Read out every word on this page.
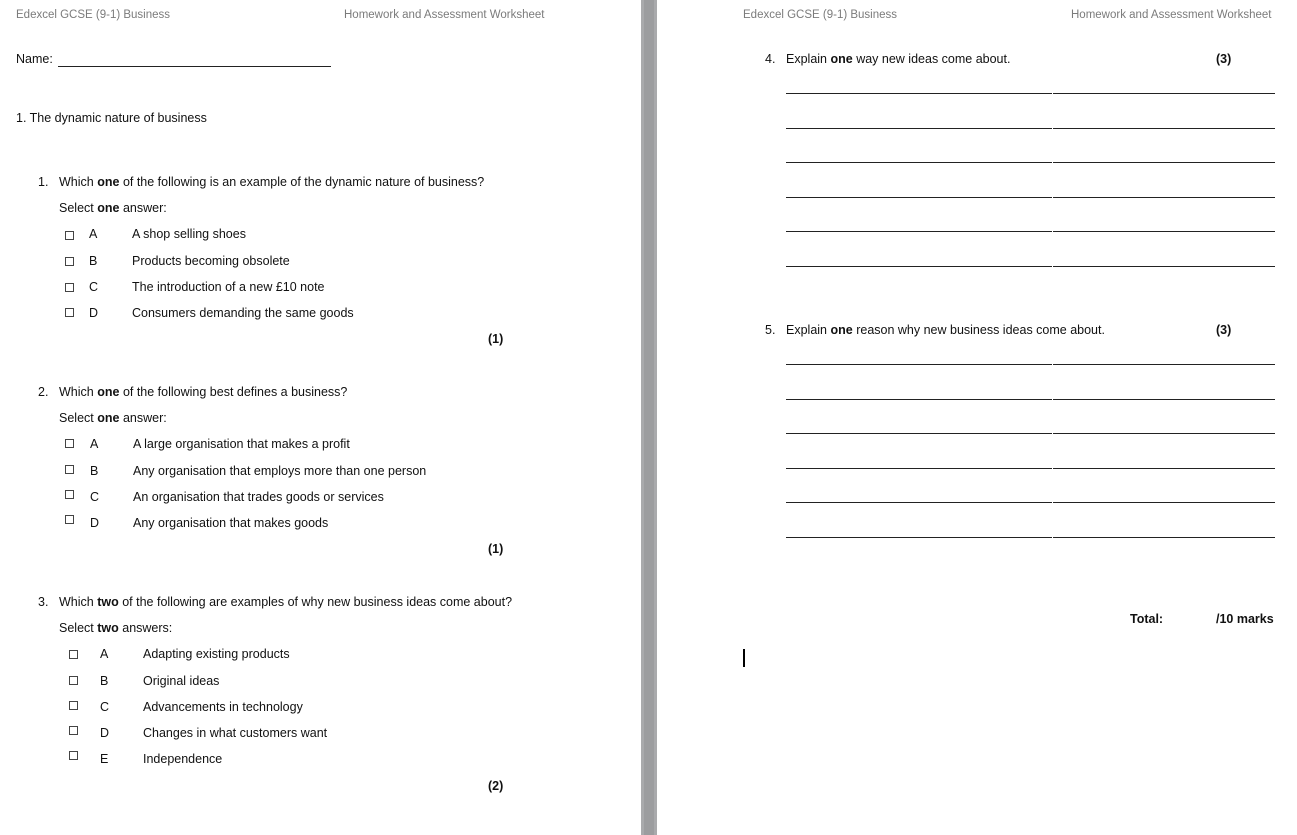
Edexcel GCSE (9-1) Business	Homework and Assessment Worksheet
Name:
1. The dynamic nature of business
1. Which one of the following is an example of the dynamic nature of business?
Select one answer:
A	A shop selling shoes
B	Products becoming obsolete
C	The introduction of a new £10 note
D	Consumers demanding the same goods
(1)
2. Which one of the following best defines a business?
Select one answer:
A	A large organisation that makes a profit
B	Any organisation that employs more than one person
C	An organisation that trades goods or services
D	Any organisation that makes goods
(1)
3. Which two of the following are examples of why new business ideas come about?
Select two answers:
A	Adapting existing products
B	Original ideas
C	Advancements in technology
D	Changes in what customers want
E	Independence
(2)
Edexcel GCSE (9-1) Business	Homework and Assessment Worksheet
4. Explain one way new ideas come about.	(3)
5. Explain one reason why new business ideas come about.	(3)
Total:	/10 marks
